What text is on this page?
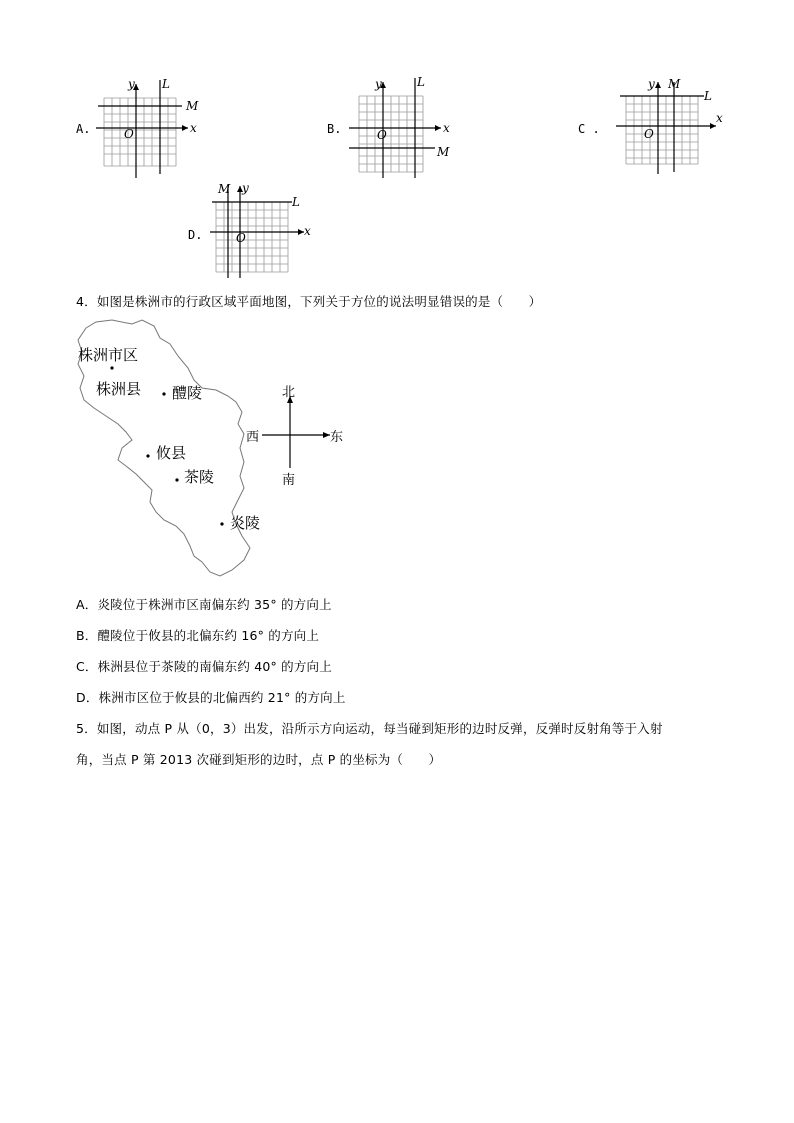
A.
y
x
O
M
L
B.
y
x
O
M
L
C .
y
x
O
M
L
D.
y
x
O
M
L
4．如图是株洲市的行政区域平面地图，下列关于方位的说法明显错误的是（　　）
株洲市区
株洲县 醴陵
攸县
茶陵
炎陵
北
西	东
南
A．炎陵位于株洲市区南偏东约 35° 的方向上
B．醴陵位于攸县的北偏东约 16° 的方向上
C．株洲县位于茶陵的南偏东约 40° 的方向上
D．株洲市区位于攸县的北偏西约 21° 的方向上
5．如图，动点 P 从（0，3）出发，沿所示方向运动，每当碰到矩形的边时反弹，反弹时反射角等于入射
角，当点 P 第 2013 次碰到矩形的边时，点 P 的坐标为（　　）
